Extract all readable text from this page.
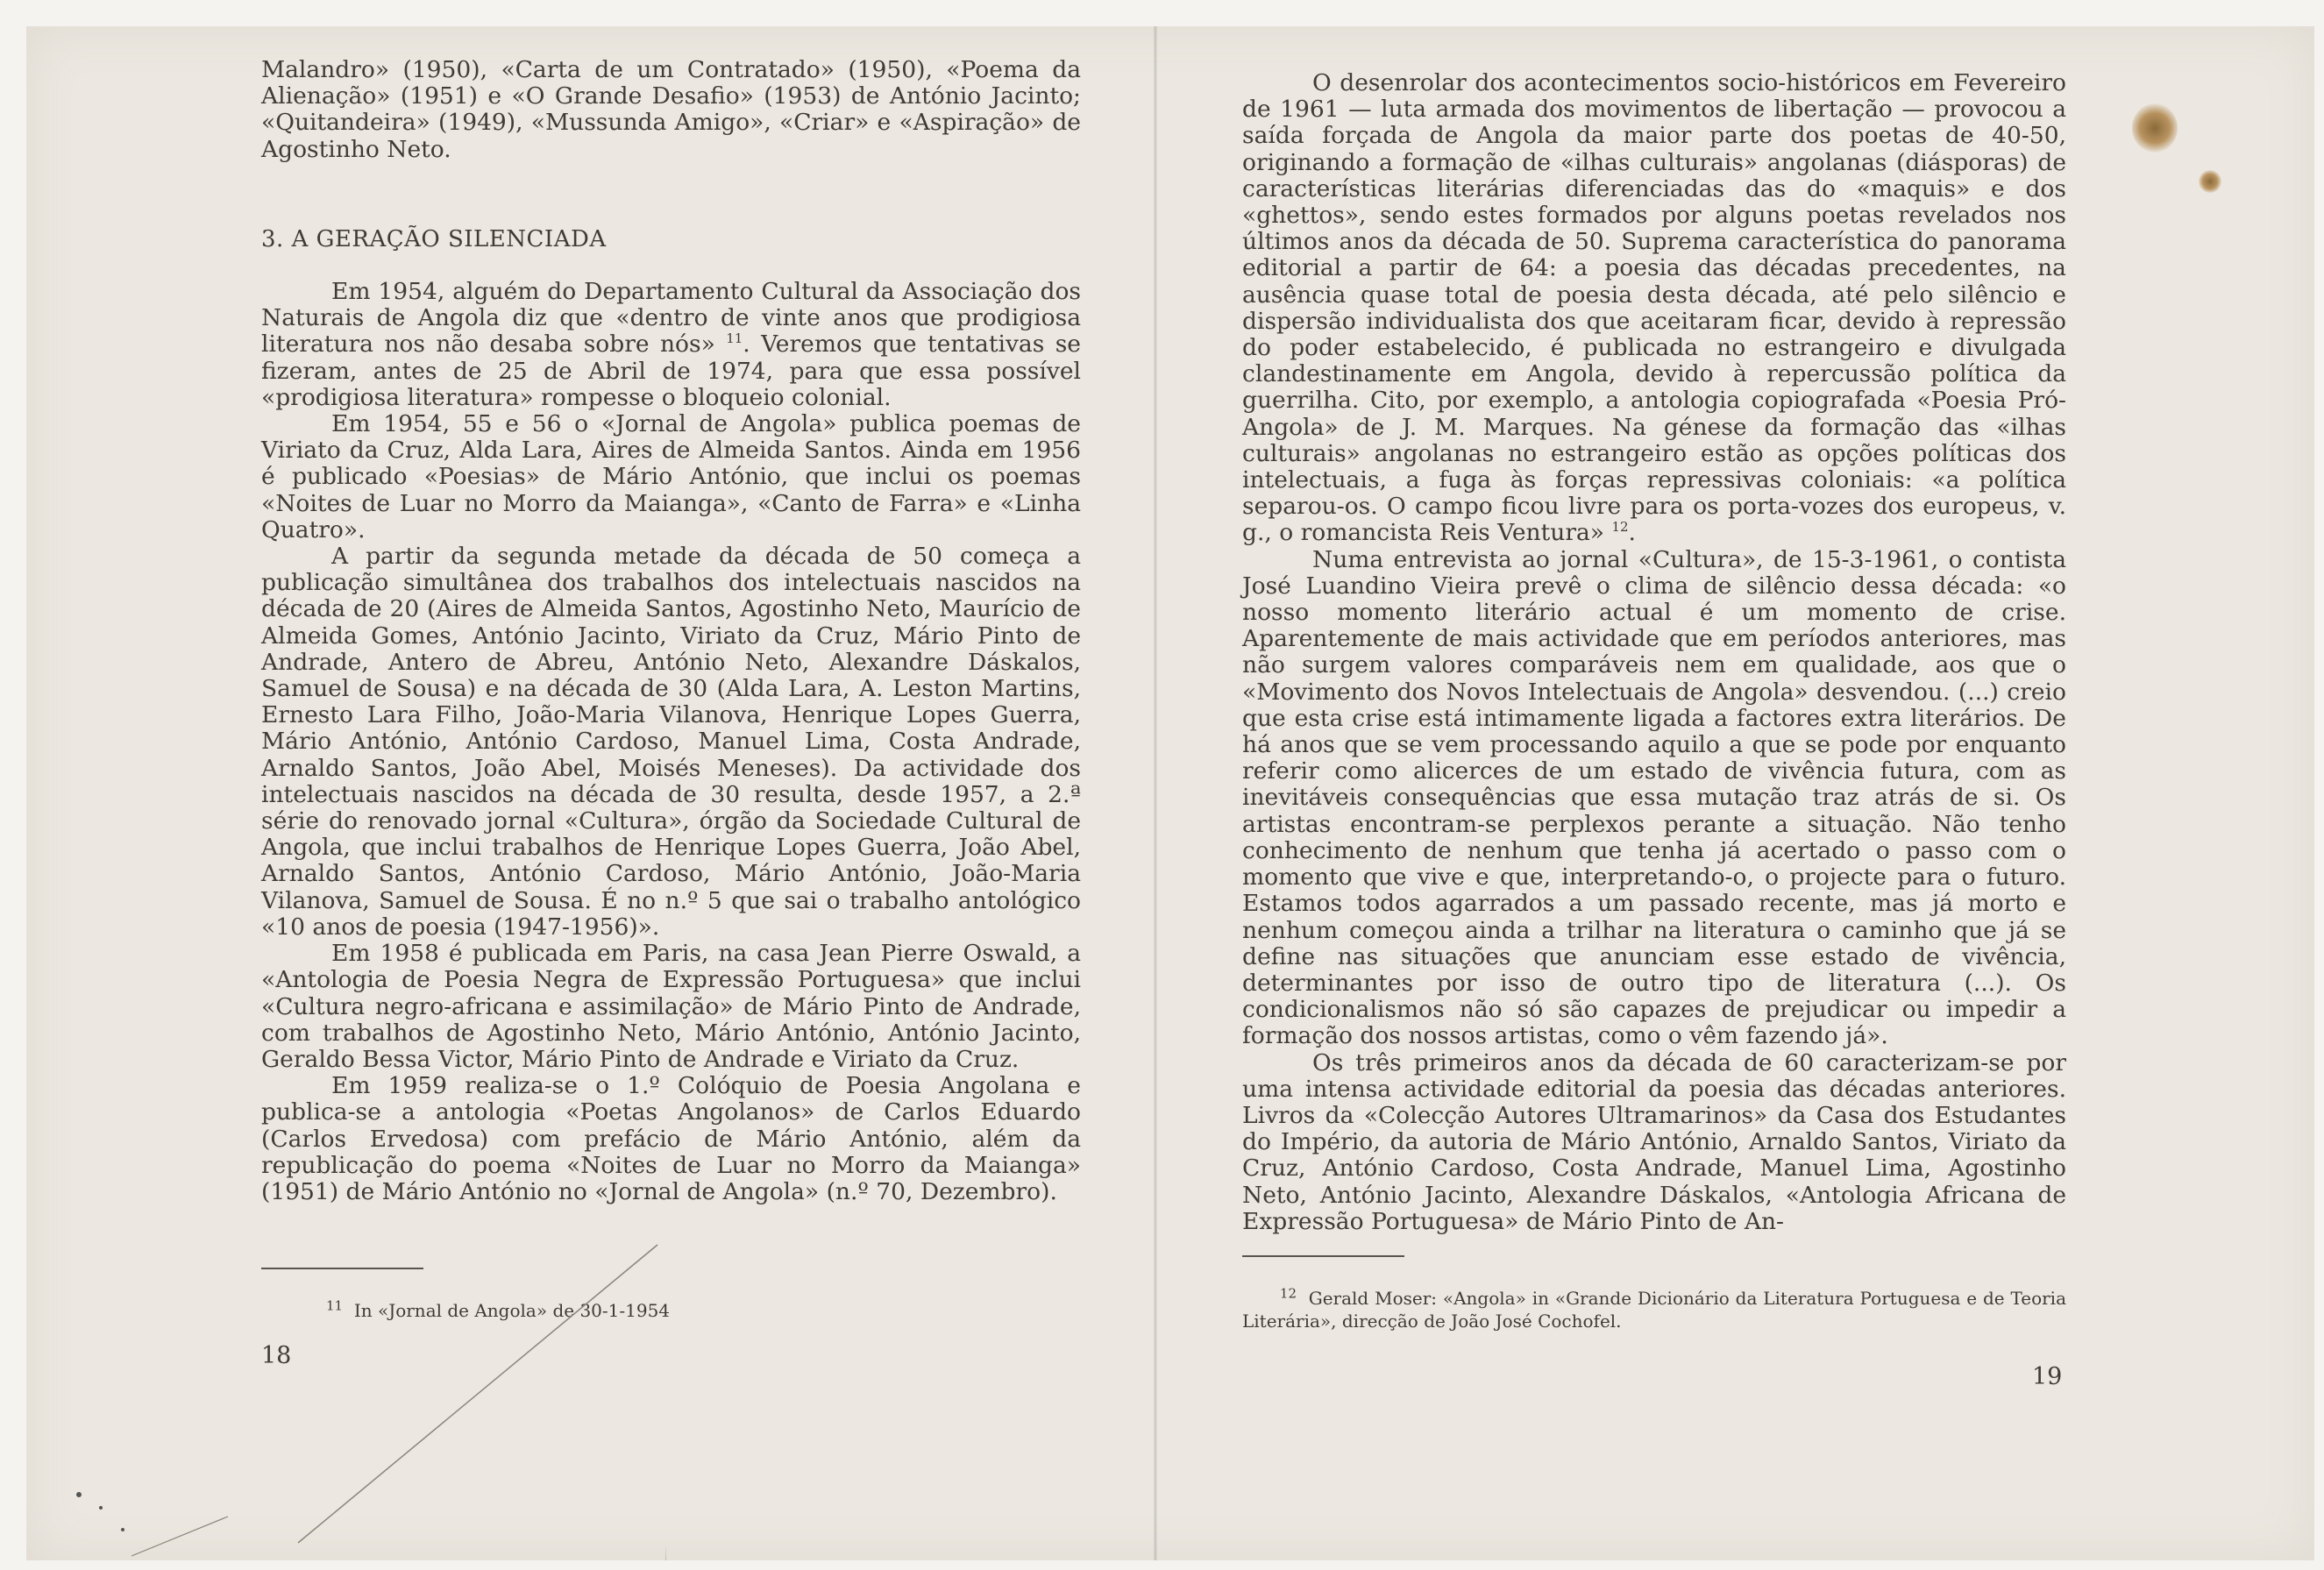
Malandro» (1950), «Carta de um Contratado» (1950), «Poema da Alienação» (1951) e «O Grande Desafio» (1953) de António Jacinto; «Quitandeira» (1949), «Mussunda Amigo», «Criar» e «Aspiração» de Agostinho Neto.

3. A GERAÇÃO SILENCIADA

Em 1954, alguém do Departamento Cultural da Associação dos Naturais de Angola diz que «dentro de vinte anos que prodigiosa literatura nos não desaba sobre nós» $^{11}$. Veremos que tentativas se fizeram, antes de 25 de Abril de 1974, para que essa possível «prodigiosa literatura» rompesse o bloqueio colonial.

Em 1954, 55 e 56 o «Jornal de Angola» publica poemas de Viriato da Cruz, Alda Lara, Aires de Almeida Santos. Ainda em 1956 é publicado «Poesias» de Mário António, que inclui os poemas «Noites de Luar no Morro da Maianga», «Canto de Farra» e «Linha Quatro».

A partir da segunda metade da década de 50 começa a publicação simultânea dos trabalhos dos intelectuais nascidos na década de 20 (Aires de Almeida Santos, Agostinho Neto, Maurício de Almeida Gomes, António Jacinto, Viriato da Cruz, Mário Pinto de Andrade, Antero de Abreu, António Neto, Alexandre Dáskalos, Samuel de Sousa) e na década de 30 (Alda Lara, A. Leston Martins, Ernesto Lara Filho, João-Maria Vilanova, Henrique Lopes Guerra, Mário António, António Cardoso, Manuel Lima, Costa Andrade, Arnaldo Santos, João Abel, Moisés Meneses). Da actividade dos intelectuais nascidos na década de 30 resulta, desde 1957, a 2.ª série do renovado jornal «Cultura», órgão da Sociedade Cultural de Angola, que inclui trabalhos de Henrique Lopes Guerra, João Abel, Arnaldo Santos, António Cardoso, Mário António, João-Maria Vilanova, Samuel de Sousa. É no n.º 5 que sai o trabalho antológico «10 anos de poesia (1947-1956)».

Em 1958 é publicada em Paris, na casa Jean Pierre Oswald, a «Antologia de Poesia Negra de Expressão Portuguesa» que inclui «Cultura negro-africana e assimilação» de Mário Pinto de Andrade, com trabalhos de Agostinho Neto, Mário António, António Jacinto, Geraldo Bessa Victor, Mário Pinto de Andrade e Viriato da Cruz.

Em 1959 realiza-se o 1.º Colóquio de Poesia Angolana e publica-se a antologia «Poetas Angolanos» de Carlos Eduardo (Carlos Ervedosa) com prefácio de Mário António, além da republicação do poema «Noites de Luar no Morro da Maianga» (1951) de Mário António no «Jornal de Angola» (n.º 70, Dezembro).

$^{11}$ In «Jornal de Angola» de 30-1-1954
18

O desenrolar dos acontecimentos socio-históricos em Fevereiro de 1961 — luta armada dos movimentos de libertação — provocou a saída forçada de Angola da maior parte dos poetas de 40-50, originando a formação de «ilhas culturais» angolanas (diásporas) de características literárias diferenciadas das do «maquis» e dos «ghettos», sendo estes formados por alguns poetas revelados nos últimos anos da década de 50. Suprema característica do panorama editorial a partir de 64: a poesia das décadas precedentes, na ausência quase total de poesia desta década, até pelo silêncio e dispersão individualista dos que aceitaram ficar, devido à repressão do poder estabelecido, é publicada no estrangeiro e divulgada clandestinamente em Angola, devido à repercussão política da guerrilha. Cito, por exemplo, a antologia copiografada «Poesia Pró-Angola» de J. M. Marques. Na génese da formação das «ilhas culturais» angolanas no estrangeiro estão as opções políticas dos intelectuais, a fuga às forças repressivas coloniais: «a política separou-os. O campo ficou livre para os porta-vozes dos europeus, v. g., o romancista Reis Ventura» $^{12}$.

Numa entrevista ao jornal «Cultura», de 15-3-1961, o contista José Luandino Vieira prevê o clima de silêncio dessa década: «o nosso momento literário actual é um momento de crise. Aparentemente de mais actividade que em períodos anteriores, mas não surgem valores comparáveis nem em qualidade, aos que o «Movimento dos Novos Intelectuais de Angola» desvendou. (...) creio que esta crise está intimamente ligada a factores extra literários. De há anos que se vem processando aquilo a que se pode por enquanto referir como alicerces de um estado de vivência futura, com as inevitáveis consequências que essa mutação traz atrás de si. Os artistas encontram-se perplexos perante a situação. Não tenho conhecimento de nenhum que tenha já acertado o passo com o momento que vive e que, interpretando-o, o projecte para o futuro. Estamos todos agarrados a um passado recente, mas já morto e nenhum começou ainda a trilhar na literatura o caminho que já se define nas situações que anunciam esse estado de vivência, determinantes por isso de outro tipo de literatura (...). Os condicionalismos não só são capazes de prejudicar ou impedir a formação dos nossos artistas, como o vêm fazendo já».

Os três primeiros anos da década de 60 caracterizam-se por uma intensa actividade editorial da poesia das décadas anteriores. Livros da «Colecção Autores Ultramarinos» da Casa dos Estudantes do Império, da autoria de Mário António, Arnaldo Santos, Viriato da Cruz, António Cardoso, Costa Andrade, Manuel Lima, Agostinho Neto, António Jacinto, Alexandre Dáskalos, «Antologia Africana de Expressão Portuguesa» de Mário Pinto de An-

$^{12}$ Gerald Moser: «Angola» in «Grande Dicionário da Literatura Portuguesa e de Teoria Literária», direcção de João José Cochofel.
19
